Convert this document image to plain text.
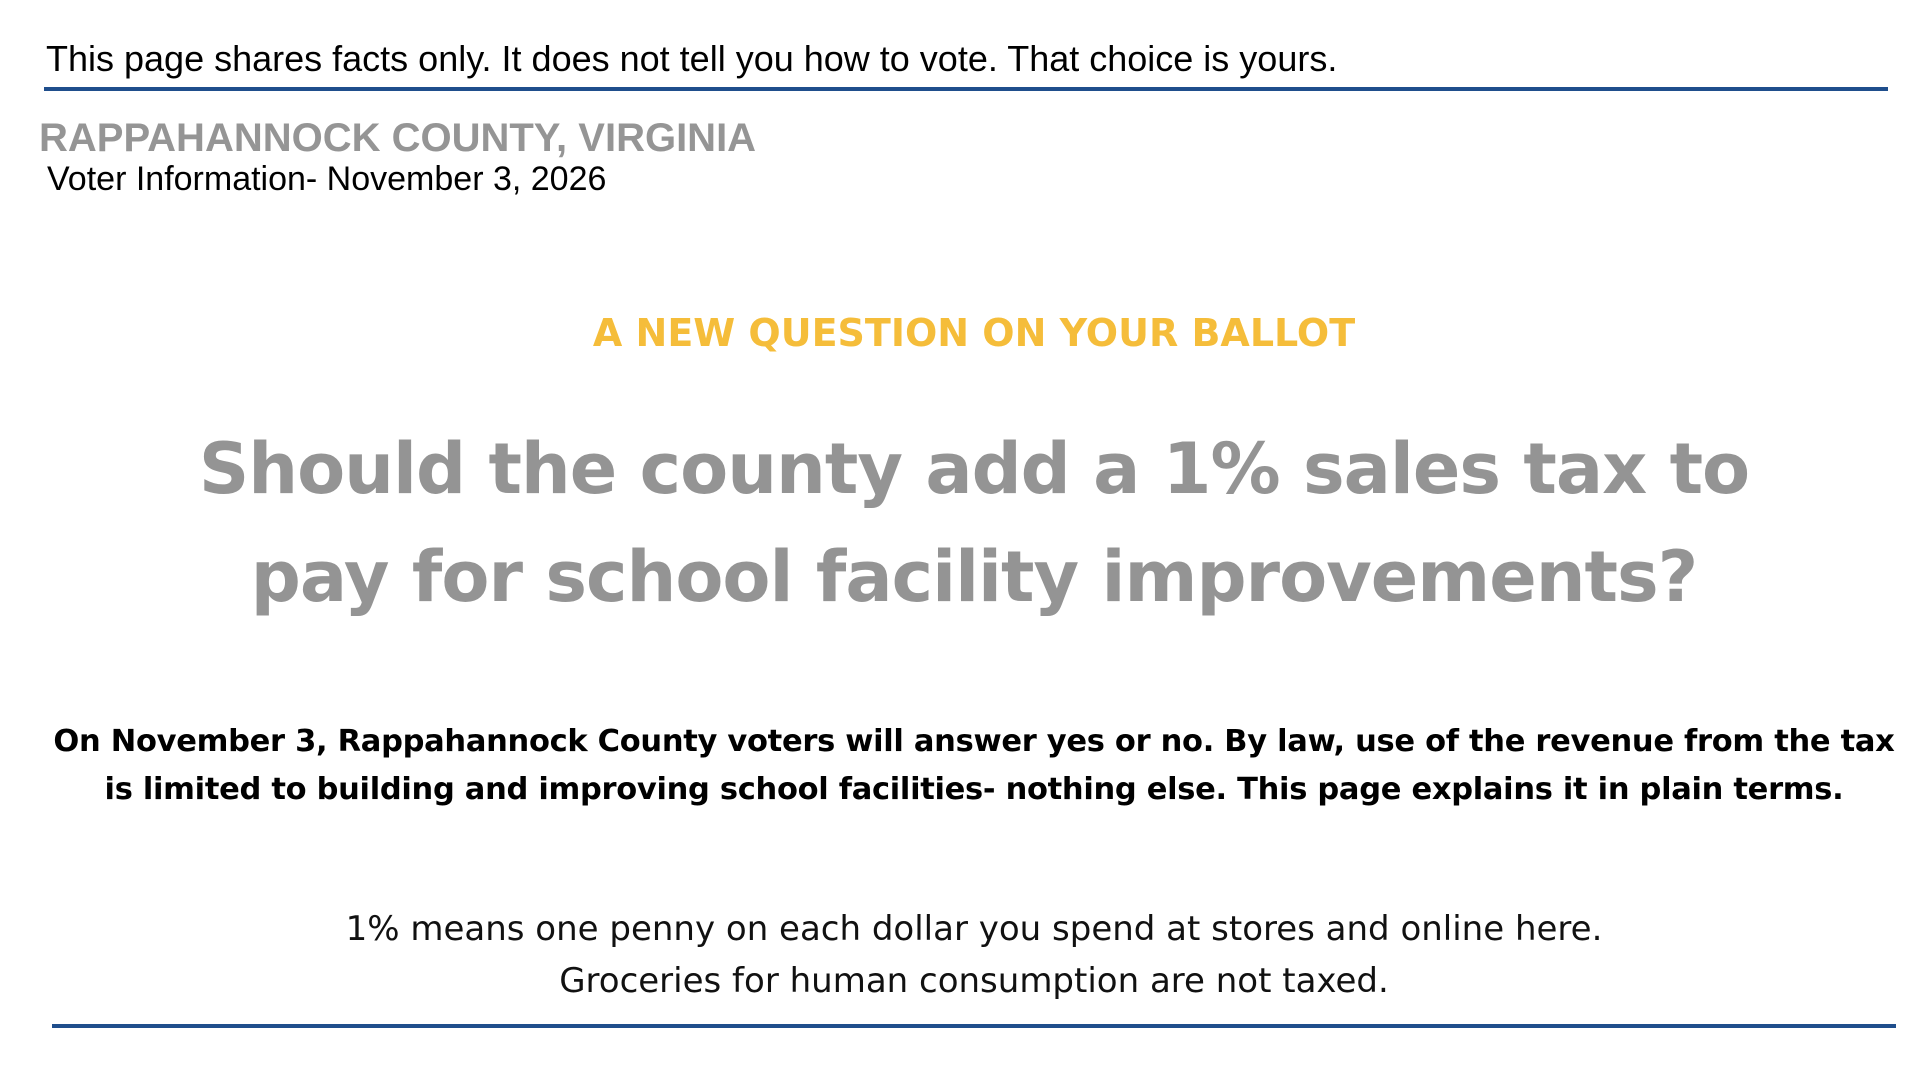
This page shares facts only. It does not tell you how to vote. That choice is yours.
RAPPAHANNOCK COUNTY, VIRGINIA
Voter Information- November 3, 2026
A NEW QUESTION ON YOUR BALLOT
Should the county add a 1% sales tax to pay for school facility improvements?
On November 3, Rappahannock County voters will answer yes or no. By law, use of the revenue from the tax is limited to building and improving school facilities- nothing else. This page explains it in plain terms.
1% means one penny on each dollar you spend at stores and online here.
Groceries for human consumption are not taxed.
